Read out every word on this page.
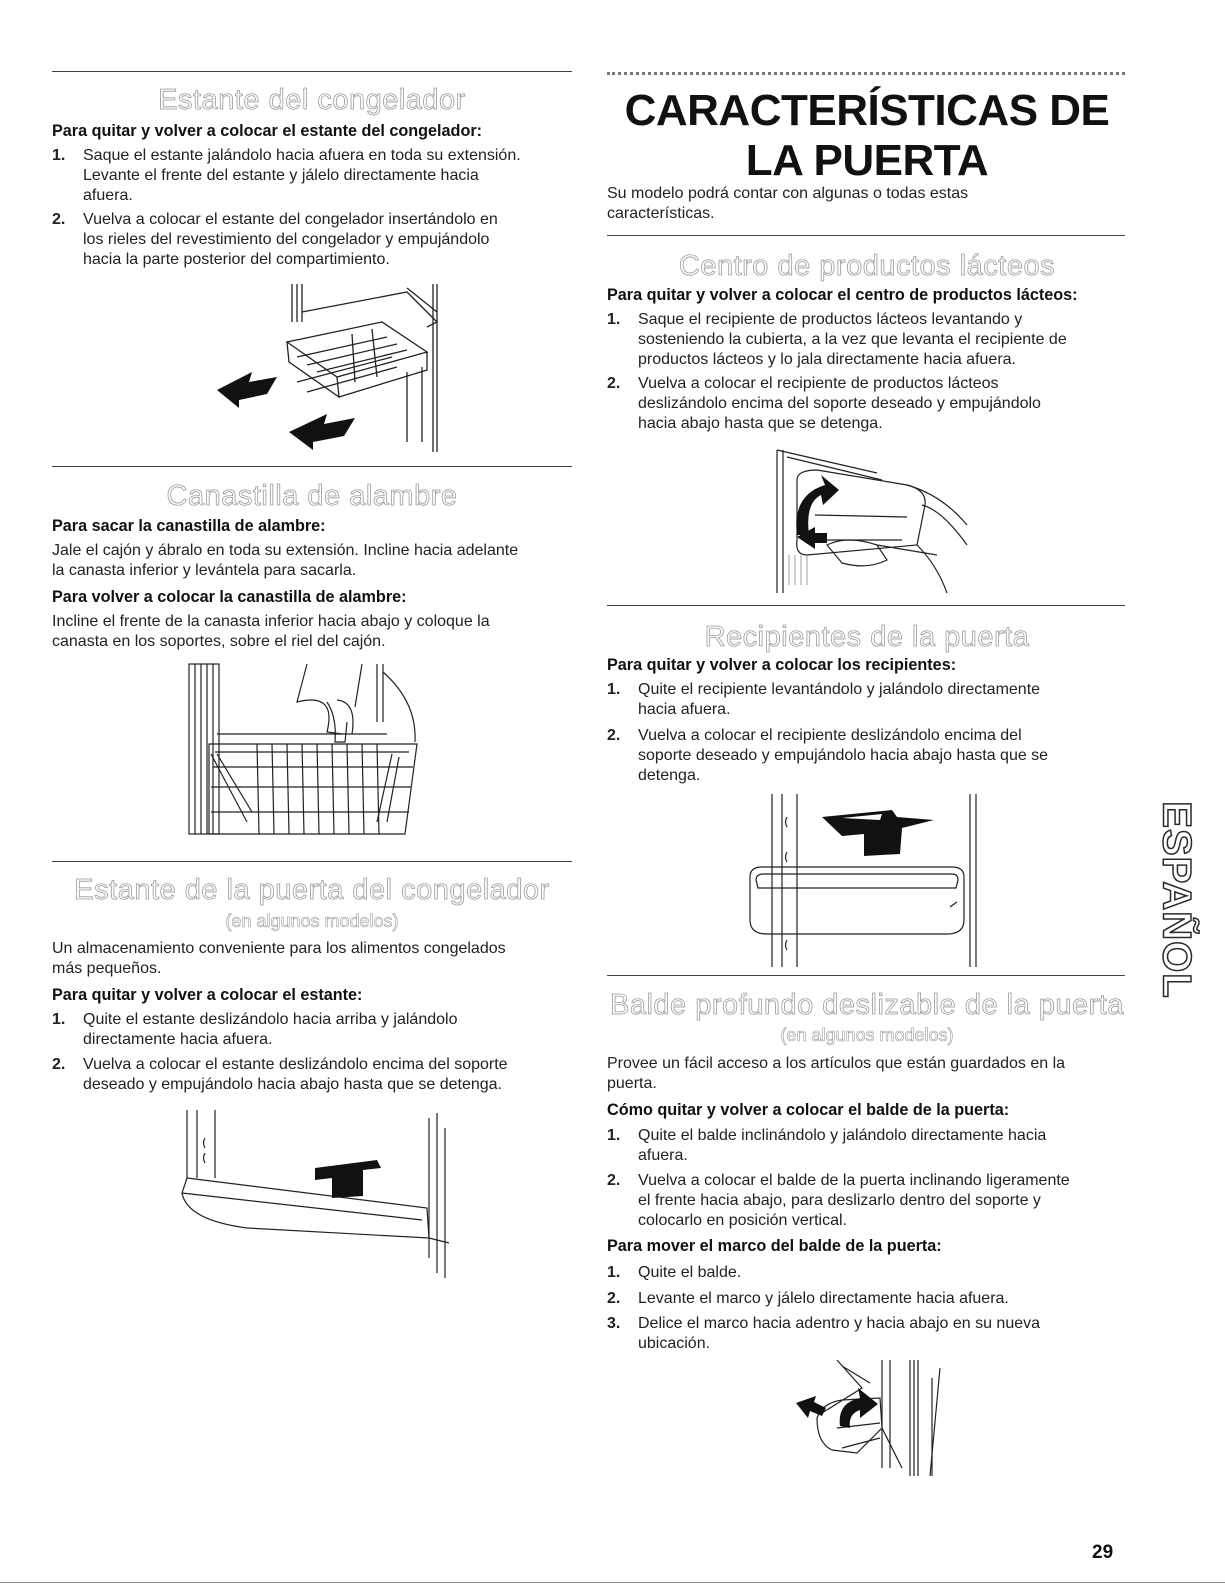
Estante del congelador
Para quitar y volver a colocar el estante del congelador:
1. Saque el estante jalándolo hacia afuera en toda su extensión.
Levante el frente del estante y jálelo directamente hacia
afuera.
2. Vuelva a colocar el estante del congelador insertándolo en
los rieles del revestimiento del congelador y empujándolo
hacia la parte posterior del compartimiento.
Canastilla de alambre
Para sacar la canastilla de alambre:
Jale el cajón y ábralo en toda su extensión. Incline hacia adelante
la canasta inferior y levántela para sacarla.
Para volver a colocar la canastilla de alambre:
Incline el frente de la canasta inferior hacia abajo y coloque la
canasta en los soportes, sobre el riel del cajón.
Estante de la puerta del congelador
(en algunos modelos)
Un almacenamiento conveniente para los alimentos congelados
más pequeños.
Para quitar y volver a colocar el estante:
1. Quite el estante deslizándolo hacia arriba y jalándolo
directamente hacia afuera.
2. Vuelva a colocar el estante deslizándolo encima del soporte
deseado y empujándolo hacia abajo hasta que se detenga.
CARACTERÍSTICAS DE
LA PUERTA
Su modelo podrá contar con algunas o todas estas
características.
Centro de productos lácteos
Para quitar y volver a colocar el centro de productos lácteos:
1. Saque el recipiente de productos lácteos levantando y
sosteniendo la cubierta, a la vez que levanta el recipiente de
productos lácteos y lo jala directamente hacia afuera.
2. Vuelva a colocar el recipiente de productos lácteos
deslizándolo encima del soporte deseado y empujándolo
hacia abajo hasta que se detenga.
Recipientes de la puerta
Para quitar y volver a colocar los recipientes:
1. Quite el recipiente levantándolo y jalándolo directamente
hacia afuera.
2. Vuelva a colocar el recipiente deslizándolo encima del
soporte deseado y empujándolo hacia abajo hasta que se
detenga.
Balde profundo deslizable de la puerta
(en algunos modelos)
Provee un fácil acceso a los artículos que están guardados en la
puerta.
Cómo quitar y volver a colocar el balde de la puerta:
1. Quite el balde inclinándolo y jalándolo directamente hacia
afuera.
2. Vuelva a colocar el balde de la puerta inclinando ligeramente
el frente hacia abajo, para deslizarlo dentro del soporte y
colocarlo en posición vertical.
Para mover el marco del balde de la puerta:
1. Quite el balde.
2. Levante el marco y jálelo directamente hacia afuera.
3. Delice el marco hacia adentro y hacia abajo en su nueva
ubicación.
ESPAÑOL
29
